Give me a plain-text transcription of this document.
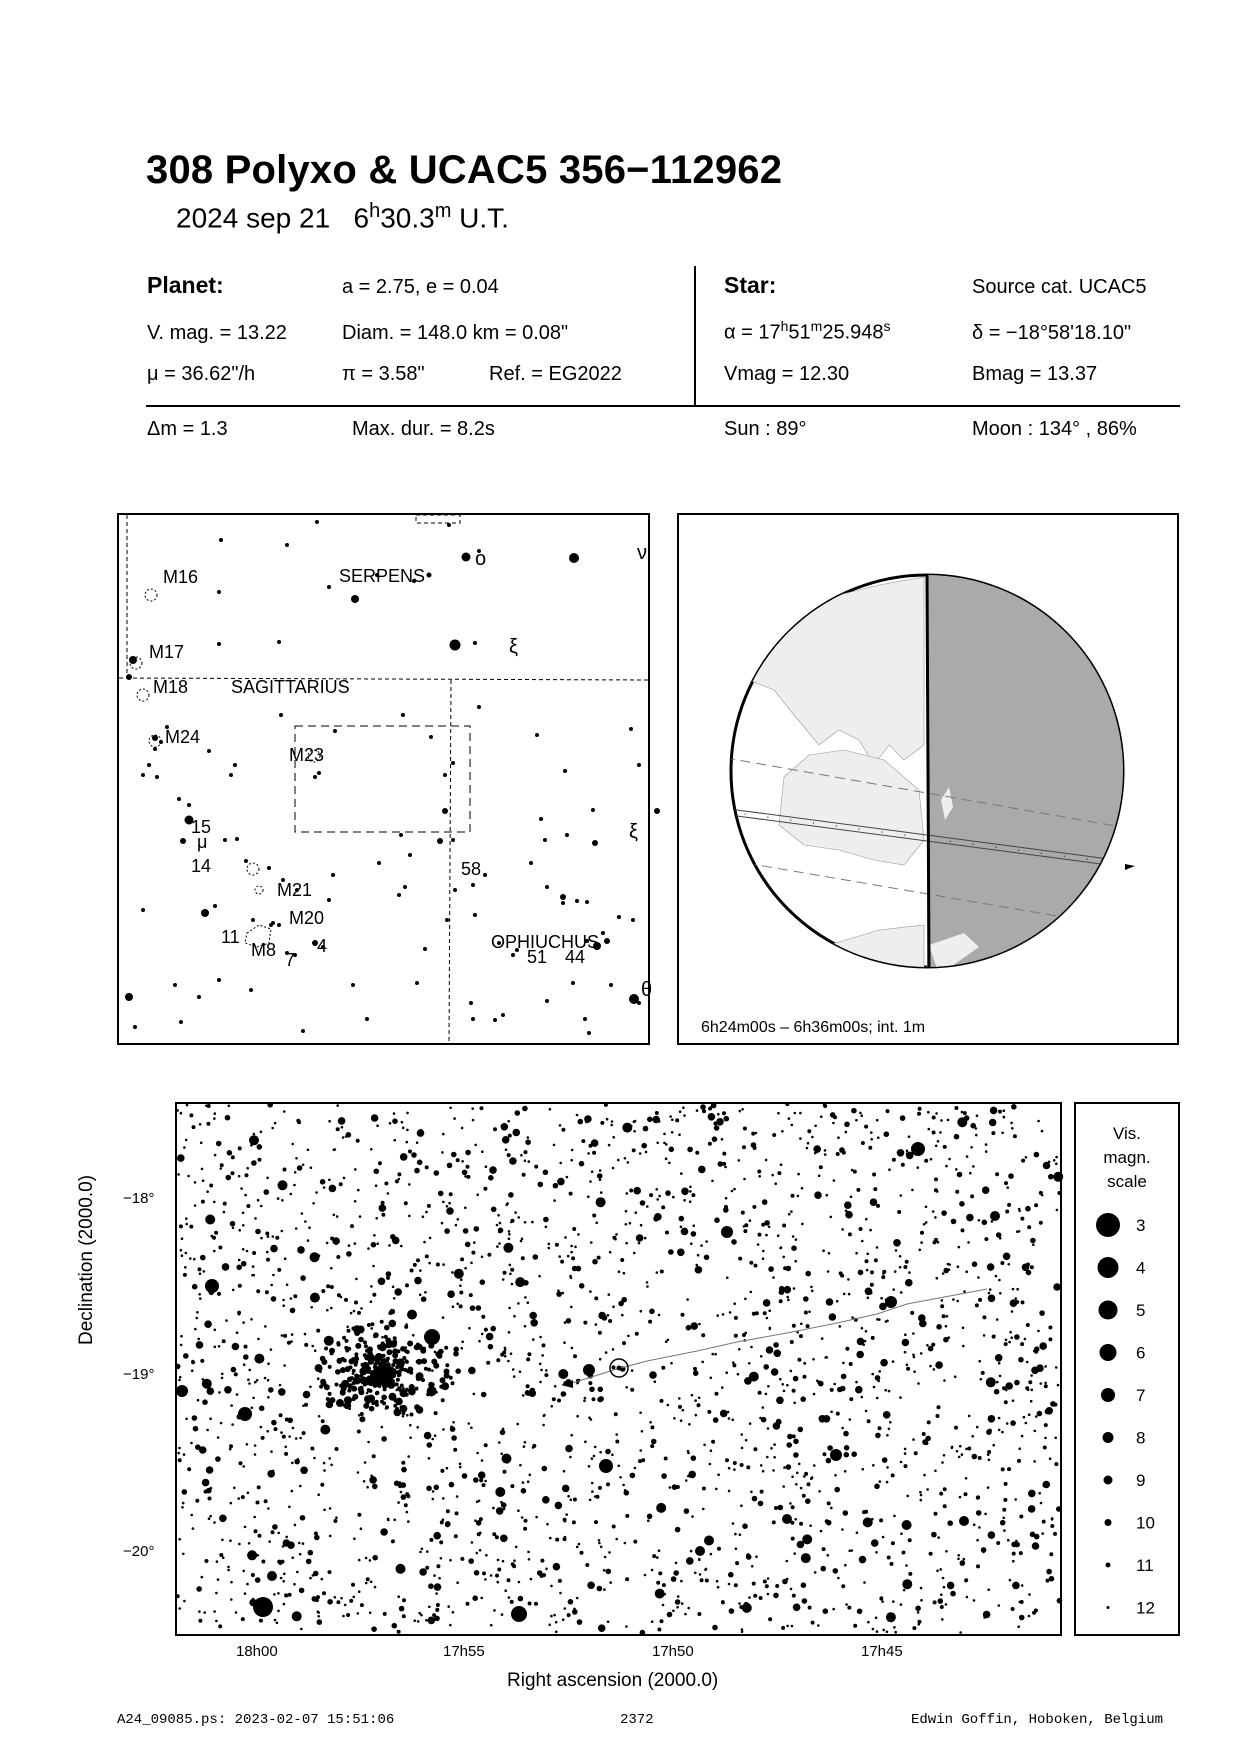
308 Polyxo & UCAC5 356−112962
2024 sep 21 6$^h$30.3$^m$ U.T.
Planet:	a = 2.75, e = 0.04
V. mag. = 13.22	Diam. = 148.0 km = 0.08"
μ = 36.62"/h	π = 3.58"	Ref. = EG2022
Star:	Source cat. UCAC5
$\alpha = 17^h51^m25.948^s$	δ = −18°58'18.10"
Vmag = 12.30	Bmag = 13.37
Δm = 1.3	Max. dur. = 8.2s	Sun : 89°	Moon : 134° , 86%
M16
M17
M18
M24
M23
15
μ
14
M21
M20
11
M8 7
4
58
51 44
o
ξ
ν
ξ
θ
SERPENS
SAGITTARIUS
OPHIUCHUS
6h24m00s – 6h36m00s; int. 1m
Declination (2000.0) −18°
−19°
−20°
18h00	17h55	17h50	17h45
Right ascension (2000.0)
Vis.
magn.
scale
3
4
5
6
7
8
9
10
11
12
A24_09085.ps: 2023-02-07 15:51:06	2372	Edwin Goffin, Hoboken, Belgium
